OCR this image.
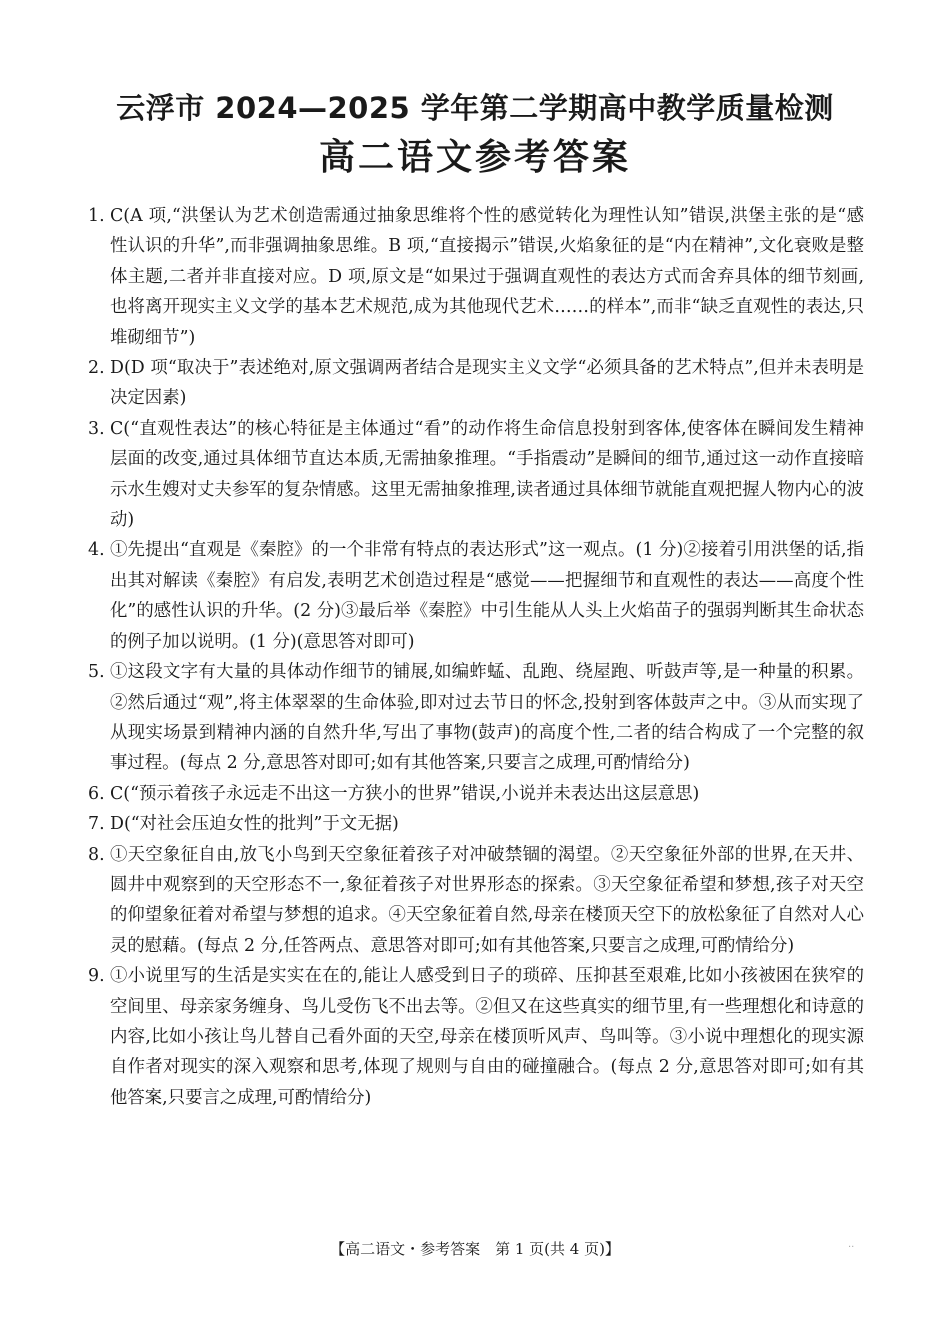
云浮市 2024—2025 学年第二学期高中教学质量检测
高二语文参考答案
1. C(A 项,“洪堡认为艺术创造需通过抽象思维将个性的感觉转化为理性认知”错误,洪堡主张的是“感性认识的升华”,而非强调抽象思维。B 项,“直接揭示”错误,火焰象征的是“内在精神”,文化衰败是整体主题,二者并非直接对应。D 项,原文是“如果过于强调直观性的表达方式而舍弃具体的细节刻画,也将离开现实主义文学的基本艺术规范,成为其他现代艺术……的样本”,而非“缺乏直观性的表达,只堆砌细节”)
2. D(D 项“取决于”表述绝对,原文强调两者结合是现实主义文学“必须具备的艺术特点”,但并未表明是决定因素)
3. C(“直观性表达”的核心特征是主体通过“看”的动作将生命信息投射到客体,使客体在瞬间发生精神层面的改变,通过具体细节直达本质,无需抽象推理。“手指震动”是瞬间的细节,通过这一动作直接暗示水生嫂对丈夫参军的复杂情感。这里无需抽象推理,读者通过具体细节就能直观把握人物内心的波动)
4. ①先提出“直观是《秦腔》的一个非常有特点的表达形式”这一观点。(1 分)②接着引用洪堡的话,指出其对解读《秦腔》有启发,表明艺术创造过程是“感觉——把握细节和直观性的表达——高度个性化”的感性认识的升华。(2 分)③最后举《秦腔》中引生能从人头上火焰苗子的强弱判断其生命状态的例子加以说明。(1 分)(意思答对即可)
5. ①这段文字有大量的具体动作细节的铺展,如编蚱蜢、乱跑、绕屋跑、听鼓声等,是一种量的积累。②然后通过“观”,将主体翠翠的生命体验,即对过去节日的怀念,投射到客体鼓声之中。③从而实现了从现实场景到精神内涵的自然升华,写出了事物(鼓声)的高度个性,二者的结合构成了一个完整的叙事过程。(每点 2 分,意思答对即可;如有其他答案,只要言之成理,可酌情给分)
6. C(“预示着孩子永远走不出这一方狭小的世界”错误,小说并未表达出这层意思)
7. D(“对社会压迫女性的批判”于文无据)
8. ①天空象征自由,放飞小鸟到天空象征着孩子对冲破禁锢的渴望。②天空象征外部的世界,在天井、圆井中观察到的天空形态不一,象征着孩子对世界形态的探索。③天空象征希望和梦想,孩子对天空的仰望象征着对希望与梦想的追求。④天空象征着自然,母亲在楼顶天空下的放松象征了自然对人心灵的慰藉。(每点 2 分,任答两点、意思答对即可;如有其他答案,只要言之成理,可酌情给分)
9. ①小说里写的生活是实实在在的,能让人感受到日子的琐碎、压抑甚至艰难,比如小孩被困在狭窄的空间里、母亲家务缠身、鸟儿受伤飞不出去等。②但又在这些真实的细节里,有一些理想化和诗意的内容,比如小孩让鸟儿替自己看外面的天空,母亲在楼顶听风声、鸟叫等。③小说中理想化的现实源自作者对现实的深入观察和思考,体现了规则与自由的碰撞融合。(每点 2 分,意思答对即可;如有其他答案,只要言之成理,可酌情给分)
【高二语文・参考答案　第 1 页(共 4 页)】	··
